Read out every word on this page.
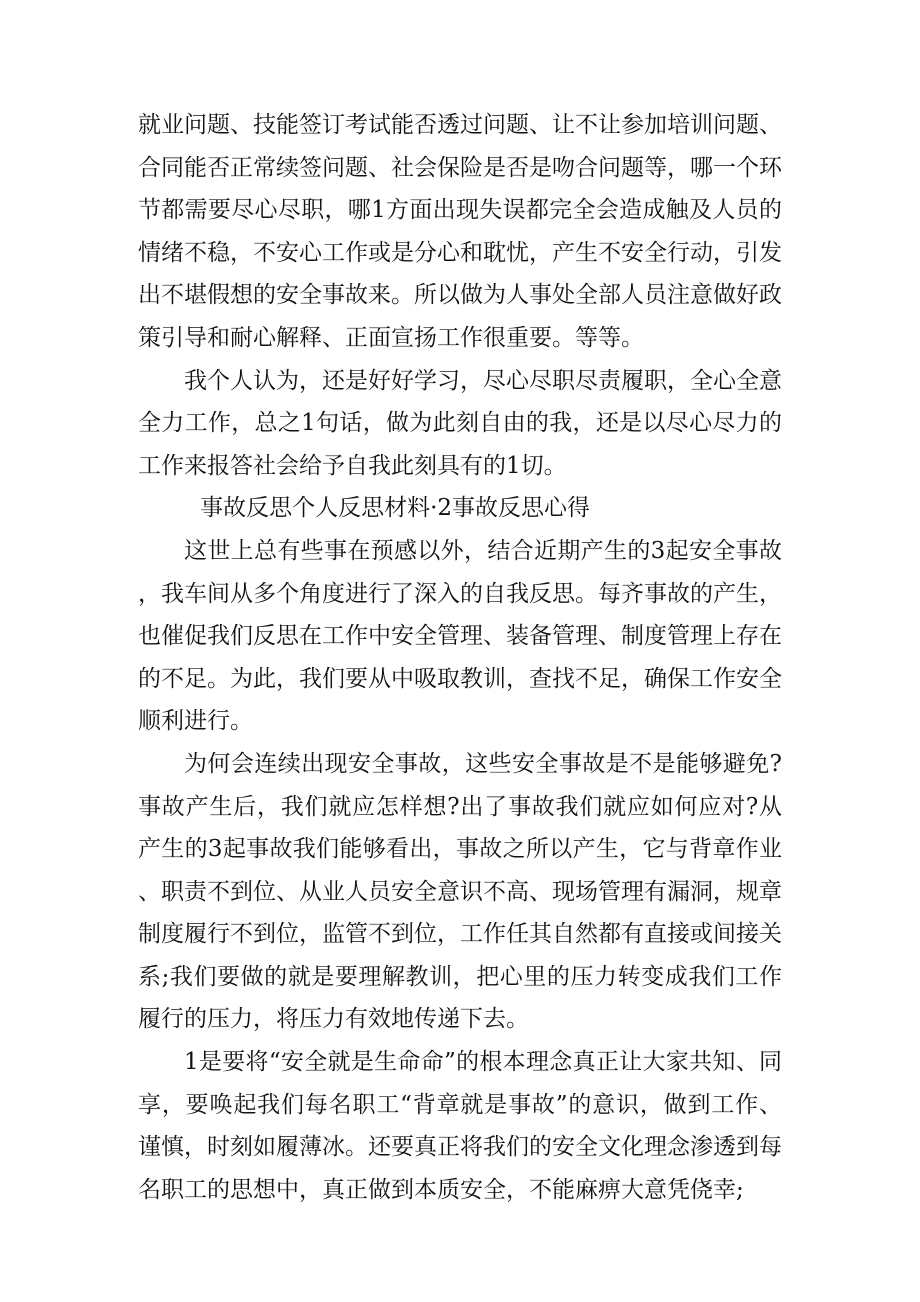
就业问题、技能签订考试能否透过问题、让不让参加培训问题、合同能否正常续签问题、社会保险是否是吻合问题等，哪一个环节都需要尽心尽职，哪1方面出现失误都完全会造成触及人员的情绪不稳，不安心工作或是分心和耽忧，产生不安全行动，引发出不堪假想的安全事故来。所以做为人事处全部人员注意做好政策引导和耐心解释、正面宣扬工作很重要。等等。

我个人认为，还是好好学习，尽心尽职尽责履职，全心全意全力工作，总之1句话，做为此刻自由的我，还是以尽心尽力的工作来报答社会给予自我此刻具有的1切。

事故反思个人反思材料·2事故反思心得

这世上总有些事在预感以外，结合近期产生的3起安全事故，我车间从多个角度进行了深入的自我反思。每齐事故的产生，也催促我们反思在工作中安全管理、装备管理、制度管理上存在的不足。为此，我们要从中吸取教训，查找不足，确保工作安全顺利进行。

为何会连续出现安全事故，这些安全事故是不是能够避免?事故产生后，我们就应怎样想?出了事故我们就应如何应对?从产生的3起事故我们能够看出，事故之所以产生，它与背章作业、职责不到位、从业人员安全意识不高、现场管理有漏洞，规章制度履行不到位，监管不到位，工作任其自然都有直接或间接关系;我们要做的就是要理解教训，把心里的压力转变成我们工作履行的压力，将压力有效地传递下去。

1是要将“安全就是生命命”的根本理念真正让大家共知、同享，要唤起我们每名职工“背章就是事故”的意识，做到工作、谨慎，时刻如履薄冰。还要真正将我们的安全文化理念渗透到每名职工的思想中，真正做到本质安全，不能麻痹大意凭侥幸;
